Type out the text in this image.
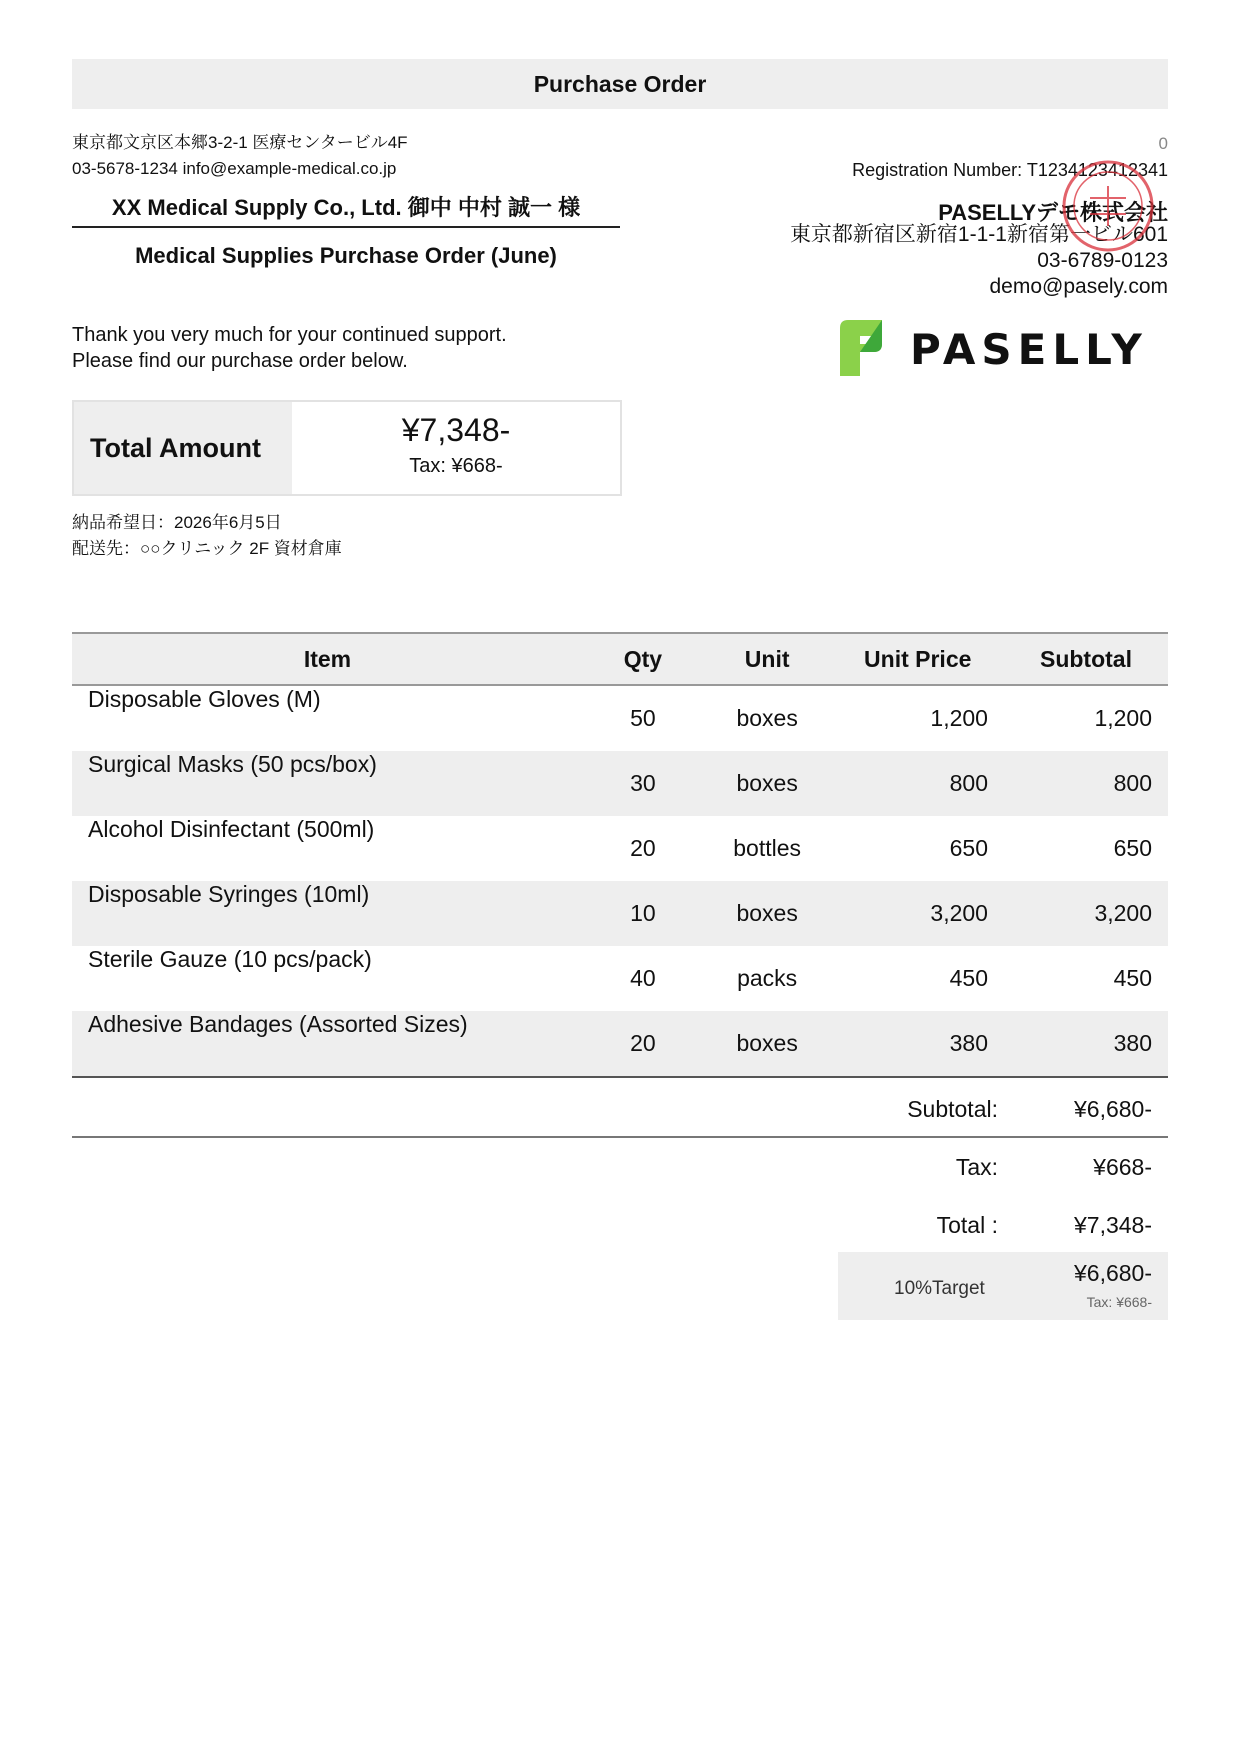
Purchase Order
東京都文京区本郷3-2-1 医療センタービル4F
03-5678-1234 info@example-medical.co.jp
XX Medical Supply Co., Ltd. 御中 中村 誠一 様
Medical Supplies Purchase Order (June)
Thank you very much for your continued support.
Please find our purchase order below.
Total Amount	¥7,348-
Tax: ¥668-
納品希望日：2026年6月5日
配送先：○○クリニック 2F 資材倉庫
0
Registration Number: T1234123412341
PASELLYデモ株式会社
東京都新宿区新宿1-1-1新宿第一ビル601
03-6789-0123
demo@pasely.com
PASELLY
Item	Qty	Unit	Unit Price	Subtotal
Disposable Gloves (M)	50	boxes	1,200	1,200
Surgical Masks (50 pcs/box)	30	boxes	800	800
Alcohol Disinfectant (500ml)	20	bottles	650	650
Disposable Syringes (10ml)	10	boxes	3,200	3,200
Sterile Gauze (10 pcs/pack)	40	packs	450	450
Adhesive Bandages (Assorted Sizes)	20	boxes	380	380
Subtotal:	¥6,680-
Tax:	¥668-
Total :	¥7,348-
10%Target
¥6,680-
Tax: ¥668-
